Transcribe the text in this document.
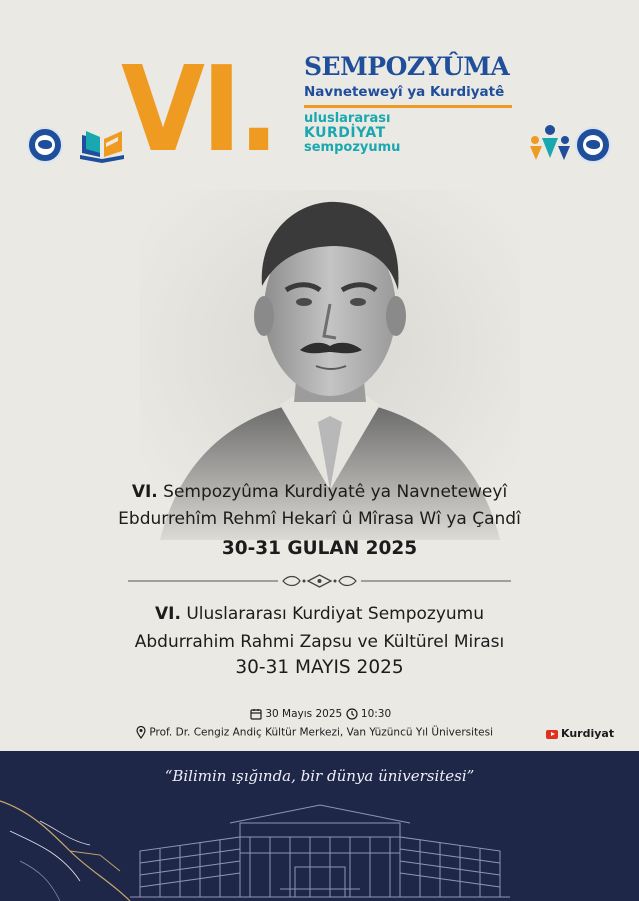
VI. SEMPOZYÛMA
Navneteweyî ya Kurdiyatê
uluslararası
KURDİYAT
sempozyumu
VI. Sempozyûma Kurdiyatê ya Navneteweyî
Ebdurrehîm Rehmî Hekarî û Mîrasa Wî ya Çandî
30-31 GULAN 2025
VI. Uluslararası Kurdiyat Sempozyumu
Abdurrahim Rahmi Zapsu ve Kültürel Mirası
30-31 MAYIS 2025
30 Mayıs 2025 10:30
Prof. Dr. Cengiz Andiç Kültür Merkezi, Van Yüzüncü Yıl Üniversitesi	Kurdiyat
“Bilimin ışığında, bir dünya üniversitesi”
